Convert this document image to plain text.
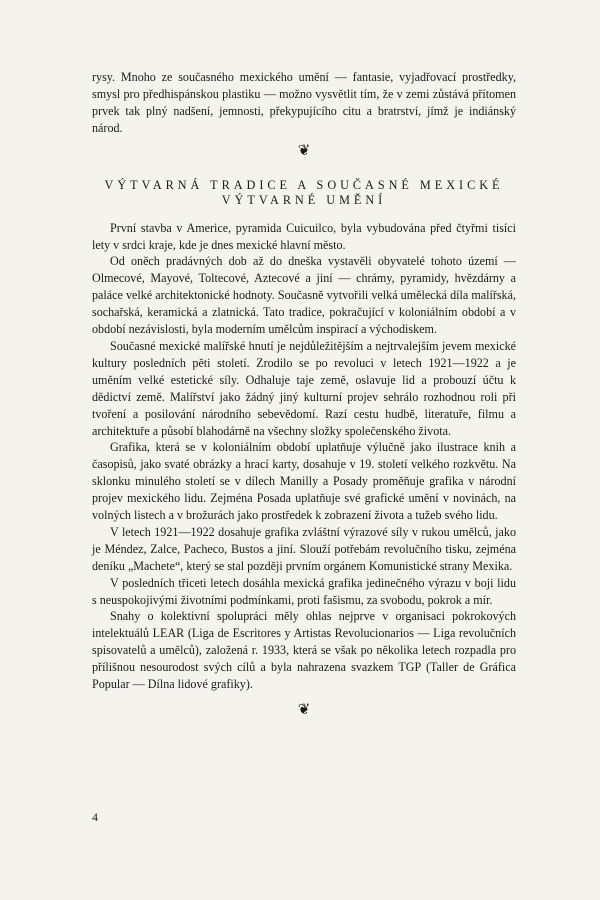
rysy. Mnoho ze současného mexického umění — fantasie, vyjadřovací prostředky, smysl pro předhispánskou plastiku — možno vysvětlit tím, že v zemi zůstává přítomen prvek tak plný nadšení, jemnosti, překypujícího citu a bratrství, jímž je indiánský národ.

❦
VÝTVARNÁ TRADICE A SOUČASNÉ MEXICKÉ
VÝTVARNÉ UMĚNÍ

První stavba v Americe, pyramida Cuicuilco, byla vybudována před čtyřmi tisíci lety v srdci kraje, kde je dnes mexické hlavní město.

Od oněch pradávných dob až do dneška vystavěli obyvatelé tohoto území — Olmecové, Mayové, Toltecové, Aztecové a jiní — chrámy, pyramidy, hvězdárny a paláce velké architektonické hodnoty. Současně vytvořili velká umělecká díla malířská, sochařská, keramická a zlatnická. Tato tradice, pokračující v koloniálním období a v období nezávislosti, byla moderním umělcům inspirací a východiskem.

Současné mexické malířské hnutí je nejdůležitějším a nejtrvalejším jevem mexické kultury posledních pěti století. Zrodilo se po revoluci v letech 1921—1922 a je uměním velké estetické síly. Odhaluje taje země, oslavuje lid a probouzí účtu k dědictví země. Malířství jako žádný jiný kulturní projev sehrálo rozhodnou roli při tvoření a posilování národního sebevědomí. Razí cestu hudbě, literatuře, filmu a architektuře a působí blahodárně na všechny složky společenského života.

Grafika, která se v koloniálním období uplatňuje výlučně jako ilustrace knih a časopisů, jako svaté obrázky a hrací karty, dosahuje v 19. století velkého rozkvětu. Na sklonku minulého století se v dílech Manilly a Posady proměňuje grafika v národní projev mexického lidu. Zejména Posada uplatňuje své grafické umění v novinách, na volných listech a v brožurách jako prostředek k zobrazení života a tužeb svého lidu.

V letech 1921—1922 dosahuje grafika zvláštní výrazové síly v rukou umělců, jako je Méndez, Zalce, Pacheco, Bustos a jiní. Slouží potřebám revolučního tisku, zejména deníku „Machete“, který se stal později prvním orgánem Komunistické strany Mexika.

V posledních třiceti letech dosáhla mexická grafika jedinečného výrazu v boji lidu s neuspokojivými životními podmínkami, proti fašismu, za svobodu, pokrok a mír.

Snahy o kolektivní spolupráci měly ohlas nejprve v organisaci pokrokových intelektuálů LEAR (Liga de Escritores y Artistas Revolucionarios — Liga revolučních spisovatelů a umělců), založená r. 1933, která se však po několika letech rozpadla pro přílišnou nesourodost svých cílů a byla nahrazena svazkem TGP (Taller de Gráfica Popular — Dílna lidové grafiky).

❦
4
